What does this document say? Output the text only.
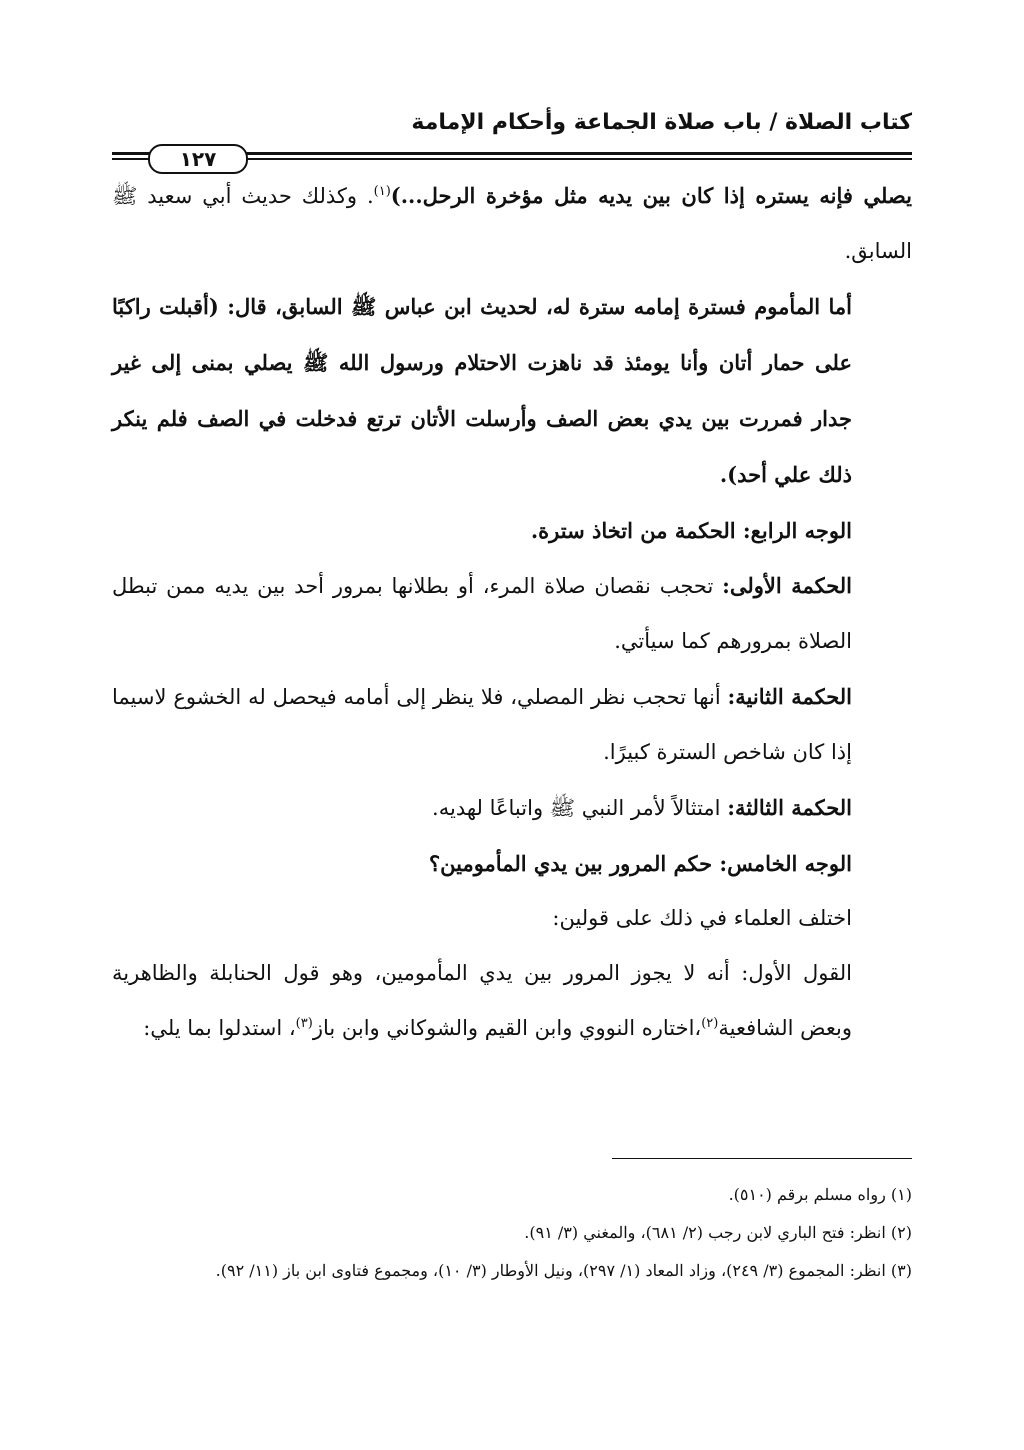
كتاب الصلاة / باب صلاة الجماعة وأحكام الإمامة
١٢٧

يصلي فإنه يستره إذا كان بين يديه مثل مؤخرة الرحل...)$^{(١)}$. وكذلك حديث أبي سعيد ﷺ السابق.

أما المأموم فسترة إمامه سترة له، لحديث ابن عباس ﷺ السابق، قال: (أقبلت راكبًا على حمار أتان وأنا يومئذ قد ناهزت الاحتلام ورسول الله ﷺ يصلي بمنى إلى غير جدار فمررت بين يدي بعض الصف وأرسلت الأتان ترتع فدخلت في الصف فلم ينكر ذلك علي أحد).

الوجه الرابع: الحكمة من اتخاذ سترة.

الحكمة الأولى: تحجب نقصان صلاة المرء، أو بطلانها بمرور أحد بين يديه ممن تبطل الصلاة بمرورهم كما سيأتي.

الحكمة الثانية: أنها تحجب نظر المصلي، فلا ينظر إلى أمامه فيحصل له الخشوع لاسيما إذا كان شاخص السترة كبيرًا.

الحكمة الثالثة: امتثالاً لأمر النبي ﷺ واتباعًا لهديه.

الوجه الخامس: حكم المرور بين يدي المأمومين؟

اختلف العلماء في ذلك على قولين:

القول الأول: أنه لا يجوز المرور بين يدي المأمومين، وهو قول الحنابلة والظاهرية وبعض الشافعية$^{(٢)}$،اختاره النووي وابن القيم والشوكاني وابن باز$^{(٣)}$، استدلوا بما يلي:

(١) رواه مسلم برقم (٥١٠).
(٢) انظر: فتح الباري لابن رجب (٢/ ٦٨١)، والمغني (٣/ ٩١).
(٣) انظر: المجموع (٣/ ٢٤٩)، وزاد المعاد (١/ ٢٩٧)، ونيل الأوطار (٣/ ١٠)، ومجموع فتاوى ابن باز (١١/ ٩٢).
